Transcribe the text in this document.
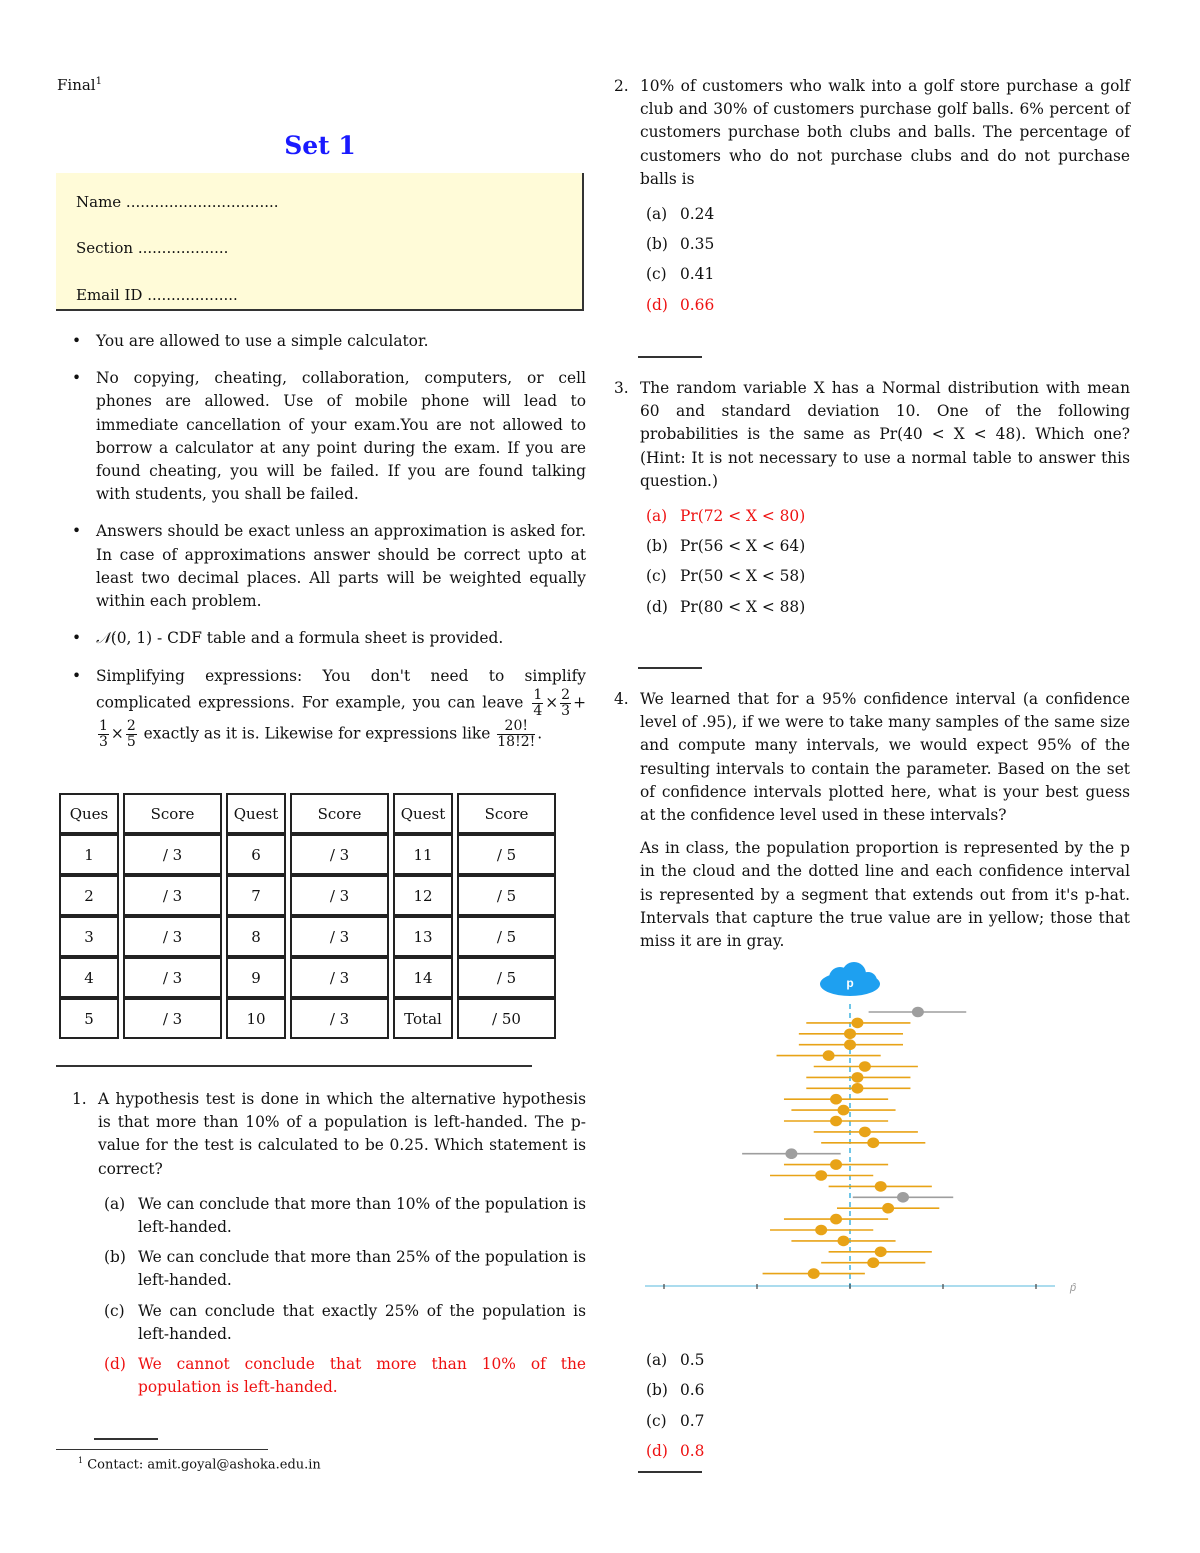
Final$^1$
Set 1
Name ................................
Section ...................
Email ID ...................
• You are allowed to use a simple calculator.
• No copying, cheating, collaboration, computers, or cell phones are allowed. Use of mobile phone will lead to immediate cancellation of your exam.You are not allowed to borrow a calculator at any point during the exam. If you are found cheating, you will be failed. If you are found talking with students, you shall be failed.
• Answers should be exact unless an approximation is asked for. In case of approximations answer should be correct upto at least two decimal places. All parts will be weighted equally within each problem.
• 𝒩(0, 1) - CDF table and a formula sheet is provided.
• Simplifying expressions: You don't need to simplify complicated expressions. For example, you can leave $\frac{1}{4} \times \frac{2}{3}$ +
$\frac{1}{3} \times \frac{2}{5}$ exactly as it is. Likewise for expressions like $\frac{20!}{18!2!}$ .
Ques	Score	Quest	Score	Quest	Score
1	/ 3	6	/ 3	11	/ 5
2	/ 3	7	/ 3	12	/ 5
3	/ 3	8	/ 3	13	/ 5
4	/ 3	9	/ 3	14	/ 5
5	/ 3	10	/ 3	Total	/ 50
1. A hypothesis test is done in which the alternative hypothesis is that more than 10% of a population is left-handed. The p-value for the test is calculated to be 0.25. Which statement is correct?
(a) We can conclude that more than 10% of the population is left-handed.
(b) We can conclude that more than 25% of the population is left-handed.
(c) We can conclude that exactly 25% of the population is left-handed.
(d) We cannot conclude that more than 10% of the population is left-handed.
$^1$ Contact: amit.goyal@ashoka.edu.in
2. 10% of customers who walk into a golf store purchase a golf club and 30% of customers purchase golf balls. 6% percent of customers purchase both clubs and balls. The percentage of customers who do not purchase clubs and do not purchase balls is
(a) 0.24
(b) 0.35
(c) 0.41
(d) 0.66
3. The random variable X has a Normal distribution with mean 60 and standard deviation 10. One of the following probabilities is the same as Pr(40 < X < 48). Which one? (Hint: It is not necessary to use a normal table to answer this question.)
(a) Pr(72 < X < 80)
(b) Pr(56 < X < 64)
(c) Pr(50 < X < 58)
(d) Pr(80 < X < 88)
4. We learned that for a 95% confidence interval (a confidence level of .95), if we were to take many samples of the same size and compute many intervals, we would expect 95% of the resulting intervals to contain the parameter. Based on the set of confidence intervals plotted here, what is your best guess at the confidence level used in these intervals?
As in class, the population proportion is represented by the p in the cloud and the dotted line and each confidence interval is represented by a segment that extends out from it's p-hat. Intervals that capture the true value are in yellow; those that miss it are in gray.
(a) 0.5
(b) 0.6
(c) 0.7
(d) 0.8
p
p̂
